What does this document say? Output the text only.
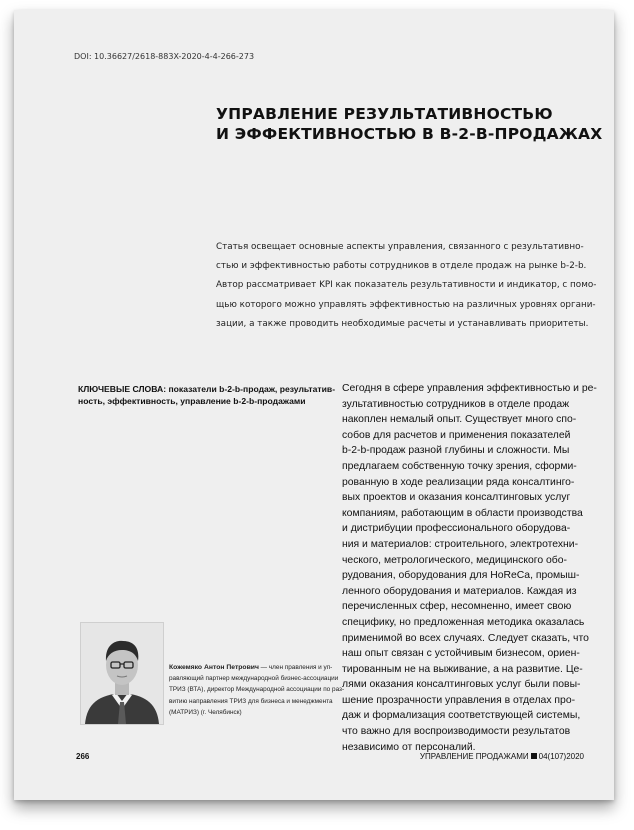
DOI: 10.36627/2618-883X-2020-4-4-266-273
УПРАВЛЕНИЕ РЕЗУЛЬТАТИВНОСТЬЮ
И ЭФФЕКТИВНОСТЬЮ В B-2-B-ПРОДАЖАХ
Статья освещает основные аспекты управления, связанного с результативно-
стью и эффективностью работы сотрудников в отделе продаж на рынке b-2-b.
Автор рассматривает KPI как показатель результативности и индикатор, с помо-
щью которого можно управлять эффективностью на различных уровнях органи-
зации, а также проводить необходимые расчеты и устанавливать приоритеты.
КЛЮЧЕВЫЕ СЛОВА: показатели b-2-b-продаж, результатив-
ность, эффективность, управление b-2-b-продажами
Сегодня в сфере управления эффективностью и ре-
зультативностью сотрудников в отделе продаж
накоплен немалый опыт. Существует много спо-
собов для расчетов и применения показателей
b-2-b-продаж разной глубины и сложности. Мы
предлагаем собственную точку зрения, сформи-
рованную в ходе реализации ряда консалтинго-
вых проектов и оказания консалтинговых услуг
компаниям, работающим в области производства
и дистрибуции профессионального оборудова-
ния и материалов: строительного, электротехни-
ческого, метрологического, медицинского обо-
рудования, оборудования для HoReCa, промыш-
ленного оборудования и материалов. Каждая из
перечисленных сфер, несомненно, имеет свою
специфику, но предложенная методика оказалась
применимой во всех случаях. Следует сказать, что
наш опыт связан с устойчивым бизнесом, ориен-
тированным не на выживание, а на развитие. Це-
лями оказания консалтинговых услуг были повы-
шение прозрачности управления в отделах про-
даж и формализация соответствующей системы,
что важно для воспроизводимости результатов
независимо от персоналий.
Кожемяко Антон Петрович — член правления и уп-
равляющий партнер международной бизнес-ассоциации
ТРИЗ (ВТА), директор Международной ассоциации по раз-
витию направления ТРИЗ для бизнеса и менеджмента
(МАТРИЗ) (г. Челябинск)
266	УПРАВЛЕНИЕ ПРОДАЖАМИ 04(107)2020
